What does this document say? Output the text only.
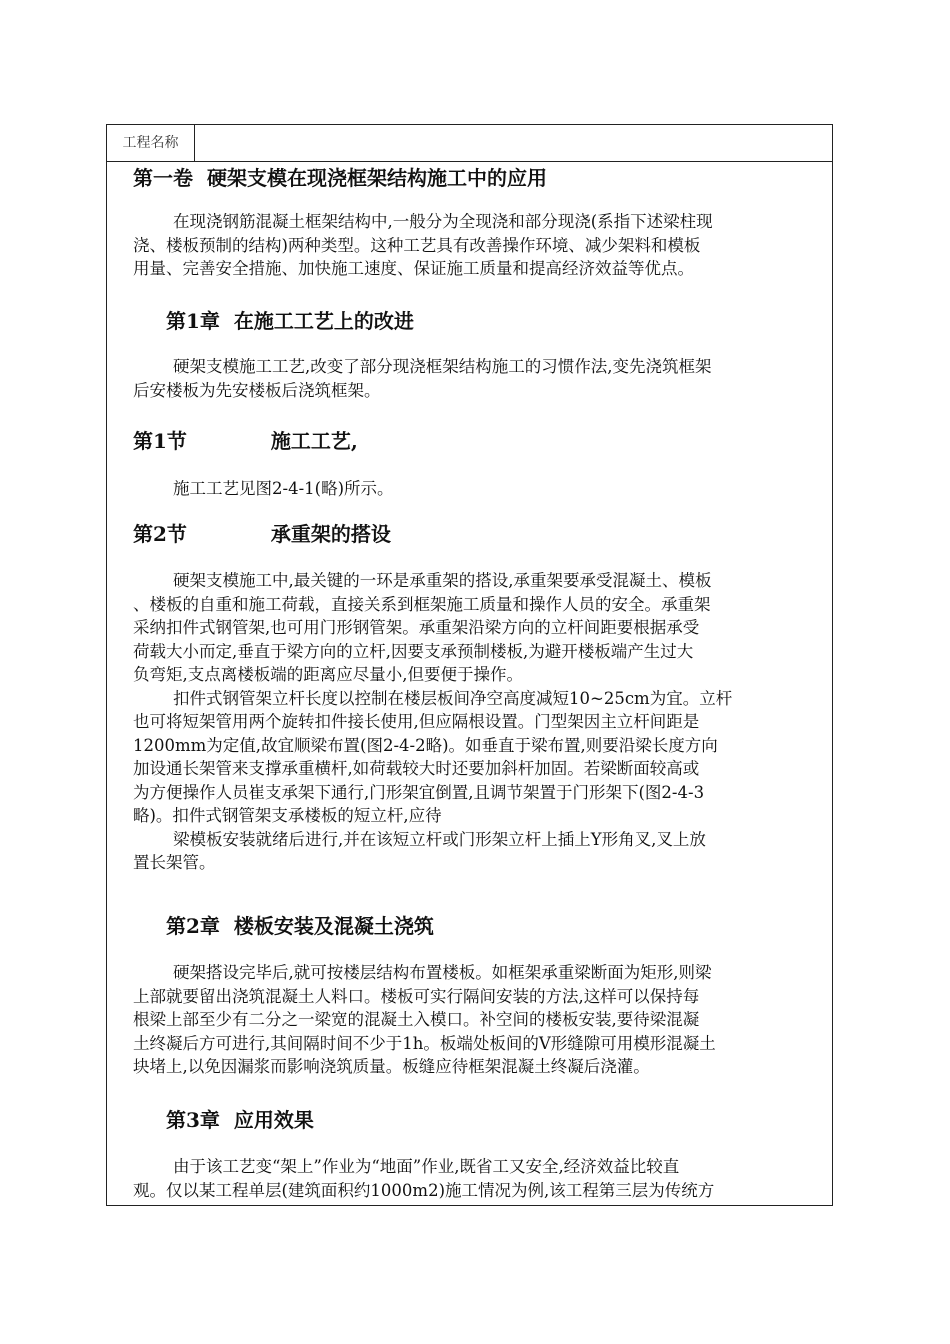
工程名称
第一卷 硬架支模在现浇框架结构施工中的应用
在现浇钢筋混凝土框架结构中,一般分为全现浇和部分现浇(系指下述梁柱现
浇、楼板预制的结构)两种类型。这种工艺具有改善操作环境、减少架料和模板
用量、完善安全措施、加快施工速度、保证施工质量和提高经济效益等优点。
第1章 在施工工艺上的改进
硬架支模施工工艺,改变了部分现浇框架结构施工的习惯作法,变先浇筑框架
后安楼板为先安楼板后浇筑框架。
第1节	施工工艺,
施工工艺见图2-4-1(略)所示。
第2节	承重架的搭设
硬架支模施工中,最关键的一环是承重架的搭设,承重架要承受混凝土、模板
、楼板的自重和施工荷载，直接关系到框架施工质量和操作人员的安全。承重架
采纳扣件式钢管架,也可用门形钢管架。承重架沿梁方向的立杆间距要根据承受
荷载大小而定,垂直于梁方向的立杆,因要支承预制楼板,为避开楼板端产生过大
负弯矩,支点离楼板端的距离应尽量小,但要便于操作。
扣件式钢管架立杆长度以控制在楼层板间净空高度减短10~25cm为宜。立杆
也可将短架管用两个旋转扣件接长使用,但应隔根设置。门型架因主立杆间距是
1200mm为定值,故宜顺梁布置(图2-4-2略)。如垂直于梁布置,则要沿梁长度方向
加设通长架管来支撑承重横杆,如荷载较大时还要加斜杆加固。若梁断面较高或
为方便操作人员崔支承架下通行,门形架宜倒置,且调节架置于门形架下(图2-4-3
略)。扣件式钢管架支承楼板的短立杆,应待
梁模板安装就绪后进行,并在该短立杆或门形架立杆上插上Y形角叉,叉上放
置长架管。
第2章 楼板安装及混凝土浇筑
硬架搭设完毕后,就可按楼层结构布置楼板。如框架承重梁断面为矩形,则梁
上部就要留出浇筑混凝土人料口。楼板可实行隔间安装的方法,这样可以保持每
根梁上部至少有二分之一梁宽的混凝土入模口。补空间的楼板安装,要待梁混凝
土终凝后方可进行,其间隔时间不少于1h。板端处板间的V形缝隙可用模形混凝土
块堵上,以免因漏浆而影响浇筑质量。板缝应待框架混凝土终凝后浇灌。
第3章 应用效果
由于该工艺变“架上”作业为“地面”作业,既省工又安全,经济效益比较直
观。仅以某工程单层(建筑面积约1000m2)施工情况为例,该工程第三层为传统方
